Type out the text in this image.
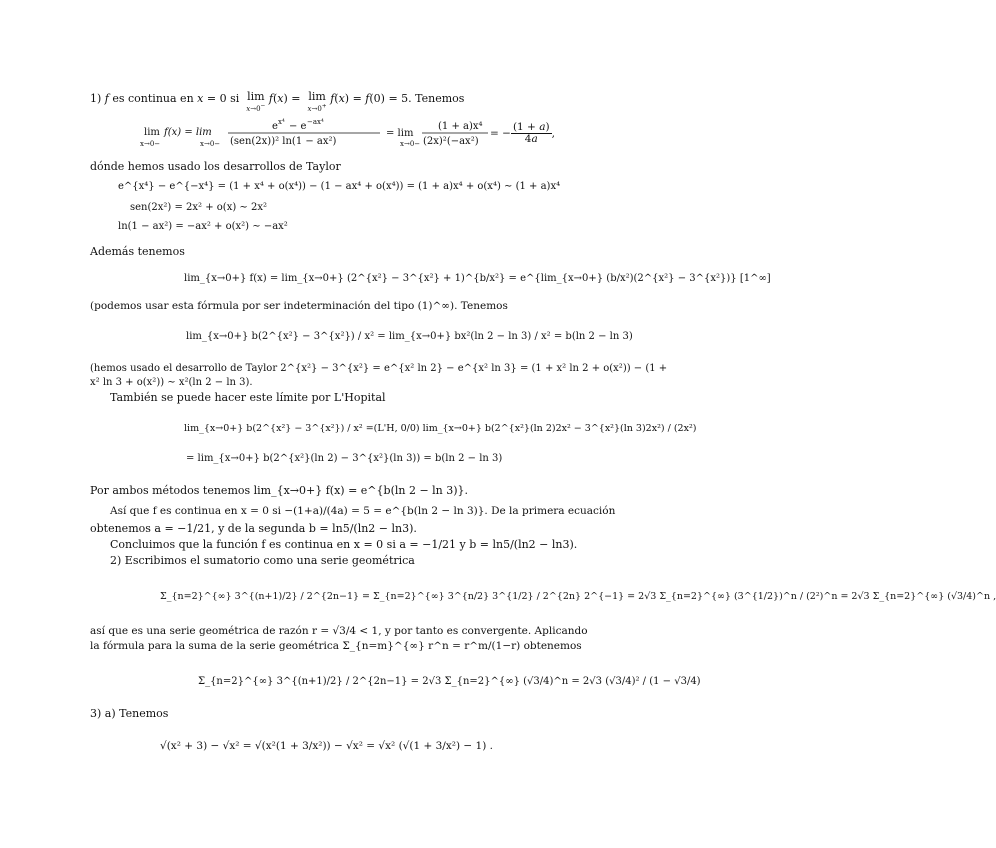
1) f es continua en x = 0 si  lim
x→0− f(x) =  lim
x→0+ f(x) = f(0) = 5. Tenemos
lim
x→0−
f(x) = lim
x→0−
e x⁴ − e −ax⁴
(sen(2x))² ln(1 − ax²)
= lim
x→0−
(1 + a)x⁴
(2x)²(−ax²)
= − $\frac{(1 + a)}{4a}$,
dónde hemos usado los desarrollos de Taylor
e^{x⁴} − e^{−x⁴} = (1 + x⁴ + o(x⁴)) − (1 − ax⁴ + o(x⁴)) = (1 + a)x⁴ + o(x⁴) ∼ (1 + a)x⁴
sen(2x²) = 2x² + o(x) ∼ 2x²
ln(1 − ax²) = −ax² + o(x²) ∼ −ax²
Además tenemos
lim_{x→0+} f(x) = lim_{x→0+} (2^{x²} − 3^{x²} + 1)^{b/x²} = e^{lim_{x→0+} (b/x²)(2^{x²} − 3^{x²})} [1^∞]
(podemos usar esta fórmula por ser indeterminación del tipo (1)^∞). Tenemos
lim_{x→0+} b(2^{x²} − 3^{x²}) / x² = lim_{x→0+} bx²(ln 2 − ln 3) / x² = b(ln 2 − ln 3)
(hemos usado el desarrollo de Taylor 2^{x²} − 3^{x²} = e^{x² ln 2} − e^{x² ln 3} = (1 + x² ln 2 + o(x²)) − (1 +
x² ln 3 + o(x²)) ∼ x²(ln 2 − ln 3).
También se puede hacer este límite por L'Hopital
lim_{x→0+} b(2^{x²} − 3^{x²}) / x² =(L'H, 0/0) lim_{x→0+} b(2^{x²}(ln 2)2x² − 3^{x²}(ln 3)2x²) / (2x²)
= lim_{x→0+} b(2^{x²}(ln 2) − 3^{x²}(ln 3)) = b(ln 2 − ln 3)
Por ambos métodos tenemos lim_{x→0+} f(x) = e^{b(ln 2 − ln 3)}.
Así que f es continua en x = 0 si −(1+a)/(4a) = 5 = e^{b(ln 2 − ln 3)}. De la primera ecuación
obtenemos a = −1/21, y de la segunda b = ln5/(ln2 − ln3).
Concluimos que la función f es continua en x = 0 si a = −1/21 y b = ln5/(ln2 − ln3).
2) Escribimos el sumatorio como una serie geométrica
Σ_{n=2}^{∞} 3^{(n+1)/2} / 2^{2n−1} = Σ_{n=2}^{∞} 3^{n/2} 3^{1/2} / 2^{2n} 2^{−1} = 2√3 Σ_{n=2}^{∞} (3^{1/2})^n / (2²)^n = 2√3 Σ_{n=2}^{∞} (√3/4)^n ,
así que es una serie geométrica de razón r = √3/4 < 1, y por tanto es convergente. Aplicando
la fórmula para la suma de la serie geométrica Σ_{n=m}^{∞} r^n = r^m/(1−r) obtenemos
Σ_{n=2}^{∞} 3^{(n+1)/2} / 2^{2n−1} = 2√3 Σ_{n=2}^{∞} (√3/4)^n = 2√3 (√3/4)² / (1 − √3/4)
3) a) Tenemos
√(x² + 3) − √x² = √(x²(1 + 3/x²)) − √x² = √x² (√(1 + 3/x²) − 1) .
